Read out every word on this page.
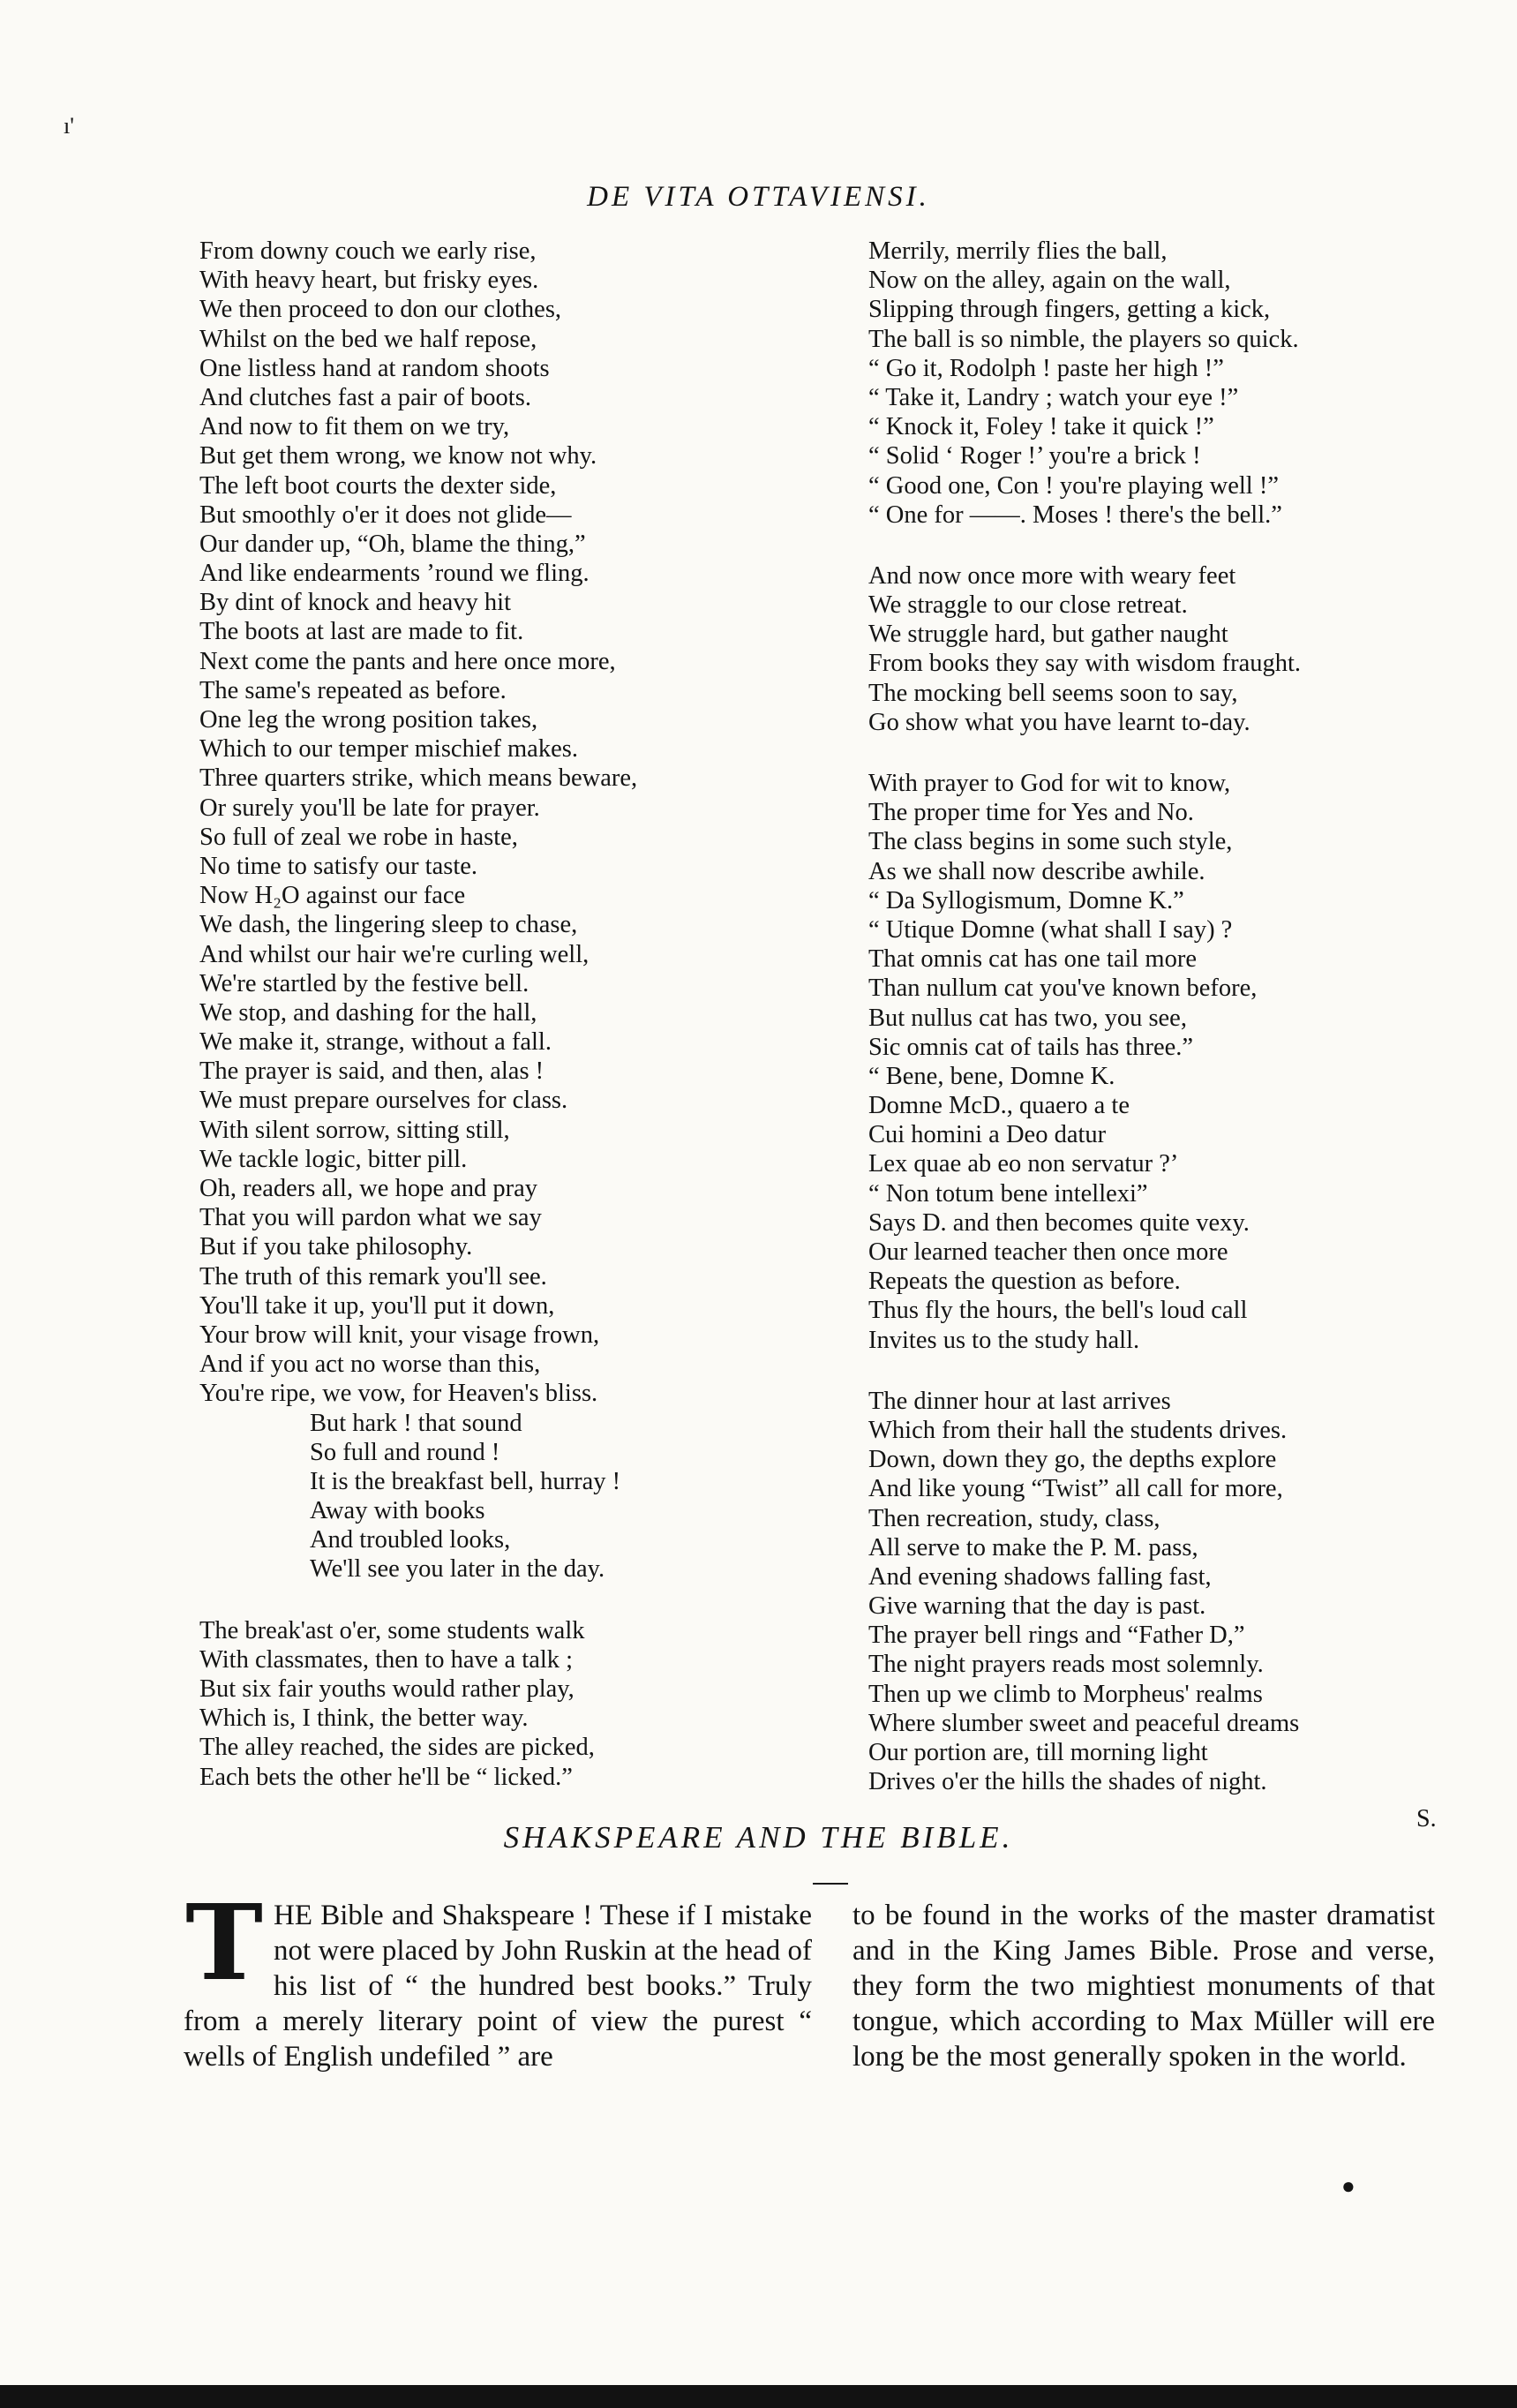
DE VITA OTTAVIENSI.
From downy couch we early rise,
With heavy heart, but frisky eyes.
We then proceed to don our clothes,
Whilst on the bed we half repose,
One listless hand at random shoots
And clutches fast a pair of boots.
And now to fit them on we try,
But get them wrong, we know not why.
The left boot courts the dexter side,
But smoothly o'er it does not glide—
Our dander up, “Oh, blame the thing,”
And like endearments ’round we fling.
By dint of knock and heavy hit
The boots at last are made to fit.
Next come the pants and here once more,
The same's repeated as before.
One leg the wrong position takes,
Which to our temper mischief makes.
Three quarters strike, which means beware,
Or surely you'll be late for prayer.
So full of zeal we robe in haste,
No time to satisfy our taste.
Now H₂O against our face
We dash, the lingering sleep to chase,
And whilst our hair we're curling well,
We're startled by the festive bell.
We stop, and dashing for the hall,
We make it, strange, without a fall.
The prayer is said, and then, alas !
We must prepare ourselves for class.
With silent sorrow, sitting still,
We tackle logic, bitter pill.
Oh, readers all, we hope and pray
That you will pardon what we say
But if you take philosophy.
The truth of this remark you'll see.
You'll take it up, you'll put it down,
Your brow will knit, your visage frown,
And if you act no worse than this,
You're ripe, we vow, for Heaven's bliss.
But hark ! that sound
So full and round !
It is the breakfast bell, hurray !
Away with books
And troubled looks,
We'll see you later in the day.
The break'ast o'er, some students walk
With classmates, then to have a talk ;
But six fair youths would rather play,
Which is, I think, the better way.
The alley reached, the sides are picked,
Each bets the other he'll be “ licked.”
Merrily, merrily flies the ball,
Now on the alley, again on the wall,
Slipping through fingers, getting a kick,
The ball is so nimble, the players so quick.
“ Go it, Rodolph ! paste her high !”
“ Take it, Landry ; watch your eye !”
“ Knock it, Foley ! take it quick !”
“ Solid ‘ Roger !’ you're a brick !
“ Good one, Con ! you're playing well !”
“ One for ——. Moses ! there's the bell.”
And now once more with weary feet
We straggle to our close retreat.
We struggle hard, but gather naught
From books they say with wisdom fraught.
The mocking bell seems soon to say,
Go show what you have learnt to-day.
With prayer to God for wit to know,
The proper time for Yes and No.
The class begins in some such style,
As we shall now describe awhile.
“ Da Syllogismum, Domne K.”
“ Utique Domne (what shall I say) ?
That omnis cat has one tail more
Than nullum cat you've known before,
But nullus cat has two, you see,
Sic omnis cat of tails has three.”
“ Bene, bene, Domne K.
Domne McD., quaero a te
Cui homini a Deo datur
Lex quae ab eo non servatur ?’
“ Non totum bene intellexi”
Says D. and then becomes quite vexy.
Our learned teacher then once more
Repeats the question as before.
Thus fly the hours, the bell's loud call
Invites us to the study hall.
The dinner hour at last arrives
Which from their hall the students drives.
Down, down they go, the depths explore
And like young “Twist” all call for more,
Then recreation, study, class,
All serve to make the P. M. pass,
And evening shadows falling fast,
Give warning that the day is past.
The prayer bell rings and “Father D,”
The night prayers reads most solemnly.
Then up we climb to Morpheus' realms
Where slumber sweet and peaceful dreams
Our portion are, till morning light
Drives o'er the hills the shades of night.
S.
SHAKSPEARE AND THE BIBLE.
T HE Bible and Shakspeare ! These if I mistake not were placed by John Ruskin at the head of his list of “ the hundred best books.” Truly from a merely literary point of view the purest “ wells of English undefiled ” are
to be found in the works of the master dramatist and in the King James Bible. Prose and verse, they form the two mightiest monuments of that tongue, which according to Max Müller will ere long be the most generally spoken in the world.
ı'
●
